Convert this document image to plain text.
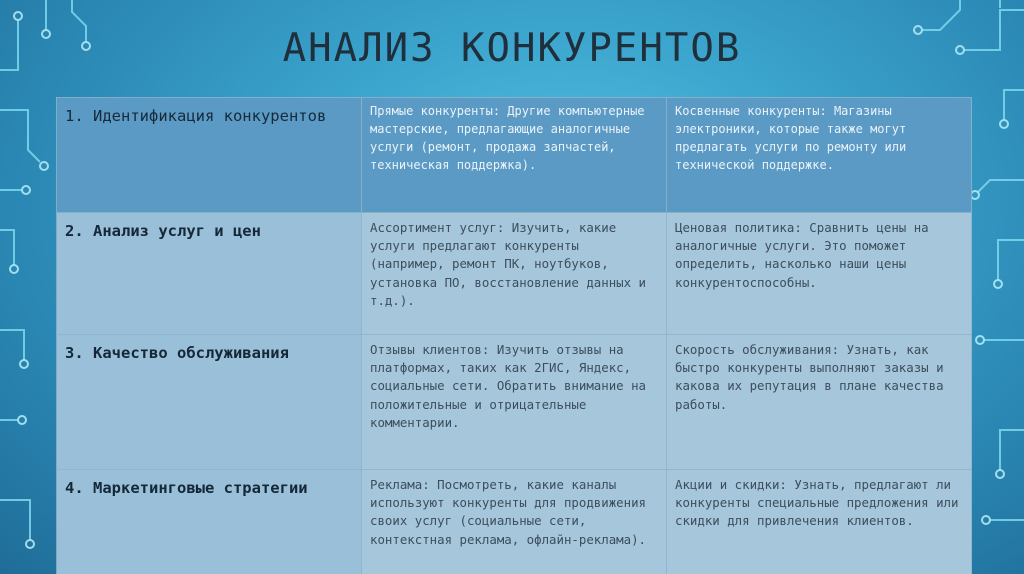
АНАЛИЗ КОНКУРЕНТОВ
1. Идентификация конкурентов	Прямые конкуренты: Другие компьютерные мастерские, предлагающие аналогичные услуги (ремонт, продажа запчастей, техническая поддержка).	Косвенные конкуренты: Магазины электроники, которые также могут предлагать услуги по ремонту или технической поддержке.

2. Анализ услуг и цен	Ассортимент услуг: Изучить, какие услуги предлагают конкуренты (например, ремонт ПК, ноутбуков, установка ПО, восстановление данных и т.д.).	Ценовая политика: Сравнить цены на аналогичные услуги. Это поможет определить, насколько наши цены конкурентоспособны.

3. Качество обслуживания	Отзывы клиентов: Изучить отзывы на платформах, таких как 2ГИС, Яндекс, социальные сети. Обратить внимание на положительные и отрицательные комментарии.	Скорость обслуживания: Узнать, как быстро конкуренты выполняют заказы и какова их репутация в плане качества работы.

4. Маркетинговые стратегии	Реклама: Посмотреть, какие каналы используют конкуренты для продвижения своих услуг (социальные сети, контекстная реклама, офлайн-реклама).	Акции и скидки: Узнать, предлагают ли конкуренты специальные предложения или скидки для привлечения клиентов.
